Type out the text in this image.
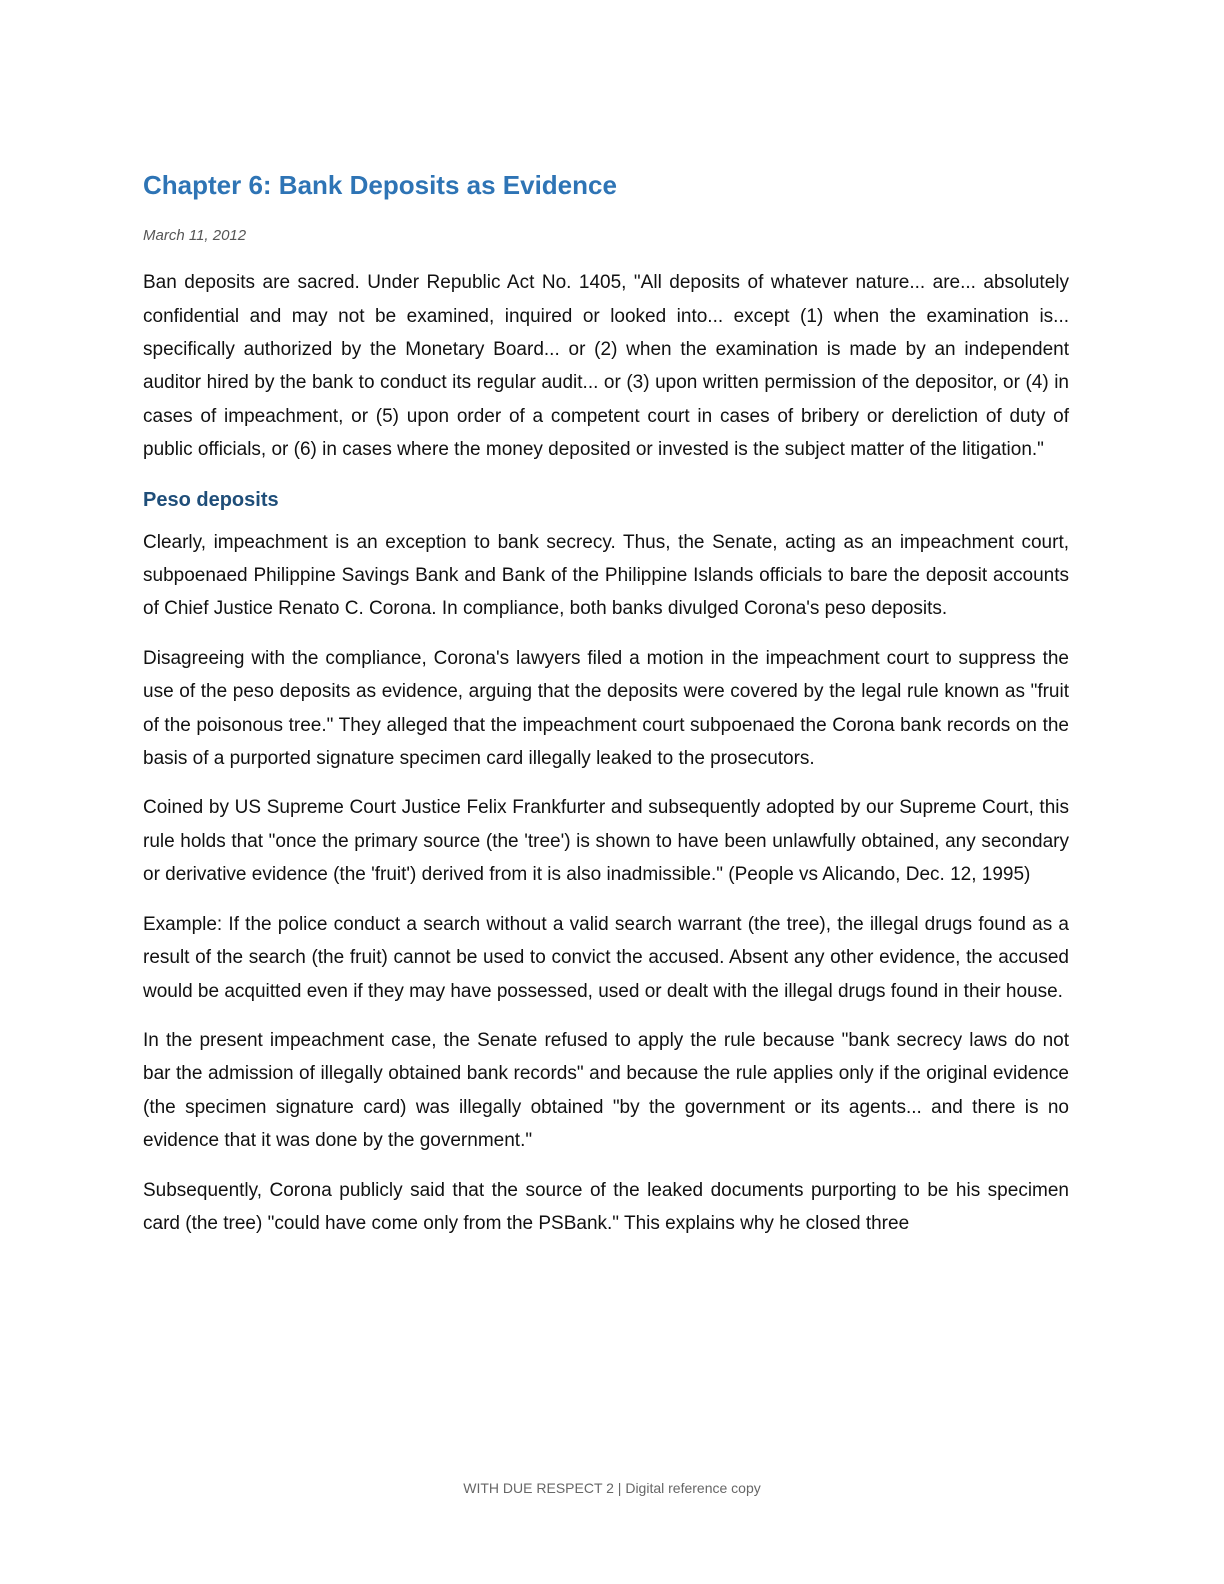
Chapter 6: Bank Deposits as Evidence
March 11, 2012

Ban deposits are sacred. Under Republic Act No. 1405, "All deposits of whatever nature... are... absolutely confidential and may not be examined, inquired or looked into... except (1) when the examination is... specifically authorized by the Monetary Board... or (2) when the examination is made by an independent auditor hired by the bank to conduct its regular audit... or (3) upon written permission of the depositor, or (4) in cases of impeachment, or (5) upon order of a competent court in cases of bribery or dereliction of duty of public officials, or (6) in cases where the money deposited or invested is the subject matter of the litigation."

Peso deposits

Clearly, impeachment is an exception to bank secrecy. Thus, the Senate, acting as an impeachment court, subpoenaed Philippine Savings Bank and Bank of the Philippine Islands officials to bare the deposit accounts of Chief Justice Renato C. Corona. In compliance, both banks divulged Corona's peso deposits.

Disagreeing with the compliance, Corona's lawyers filed a motion in the impeachment court to suppress the use of the peso deposits as evidence, arguing that the deposits were covered by the legal rule known as "fruit of the poisonous tree." They alleged that the impeachment court subpoenaed the Corona bank records on the basis of a purported signature specimen card illegally leaked to the prosecutors.

Coined by US Supreme Court Justice Felix Frankfurter and subsequently adopted by our Supreme Court, this rule holds that "once the primary source (the 'tree') is shown to have been unlawfully obtained, any secondary or derivative evidence (the 'fruit') derived from it is also inadmissible." (People vs Alicando, Dec. 12, 1995)

Example: If the police conduct a search without a valid search warrant (the tree), the illegal drugs found as a result of the search (the fruit) cannot be used to convict the accused. Absent any other evidence, the accused would be acquitted even if they may have possessed, used or dealt with the illegal drugs found in their house.

In the present impeachment case, the Senate refused to apply the rule because "bank secrecy laws do not bar the admission of illegally obtained bank records" and because the rule applies only if the original evidence (the specimen signature card) was illegally obtained "by the government or its agents... and there is no evidence that it was done by the government."

Subsequently, Corona publicly said that the source of the leaked documents purporting to be his specimen card (the tree) "could have come only from the PSBank." This explains why he closed three

WITH DUE RESPECT 2 | Digital reference copy
